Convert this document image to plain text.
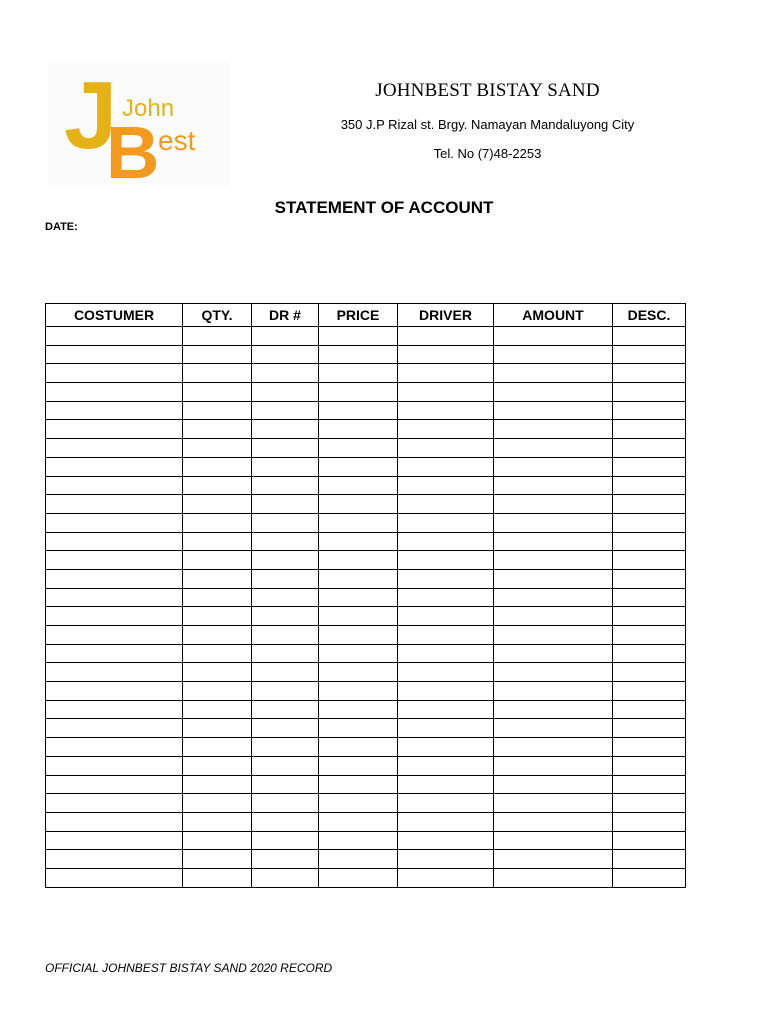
J John
B
est
JOHNBEST BISTAY SAND
350 J.P Rizal st. Brgy. Namayan Mandaluyong City
Tel. No (7)48-2253
STATEMENT OF ACCOUNT
DATE:
COSTUMER	QTY.	DR #	PRICE	DRIVER	AMOUNT	DESC.

OFFICIAL JOHNBEST BISTAY SAND 2020 RECORD
